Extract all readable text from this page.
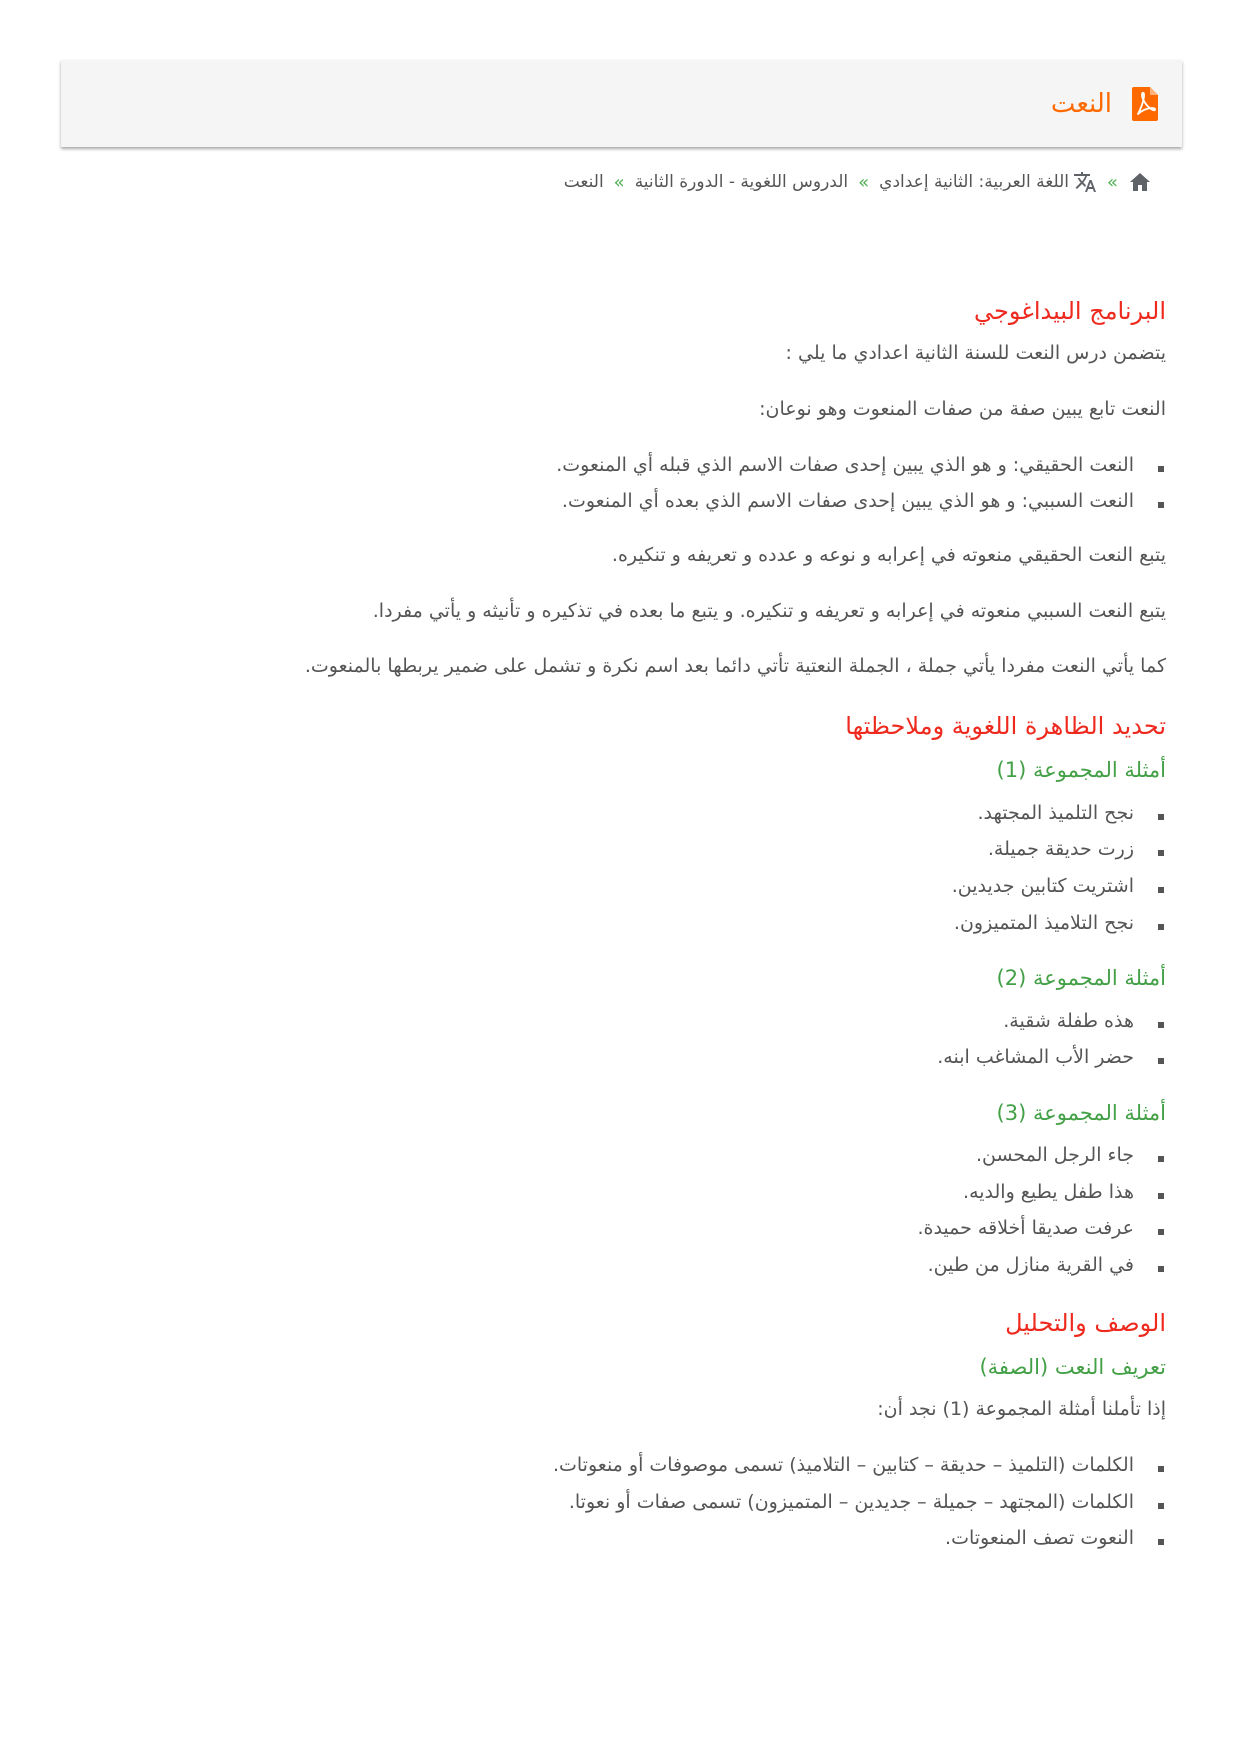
النعت
»
اللغة العربية: الثانية إعدادي
»
الدروس اللغوية - الدورة الثانية
»
النعت
البرنامج البيداغوجي

يتضمن درس النعت للسنة الثانية اعدادي ما يلي :

النعت تابع يبين صفة من صفات المنعوت وهو نوعان:

النعت الحقيقي: و هو الذي يبين إحدى صفات الاسم الذي قبله أي المنعوت.
النعت السببي: و هو الذي يبين إحدى صفات الاسم الذي بعده أي المنعوت.

يتبع النعت الحقيقي منعوته في إعرابه و نوعه و عدده و تعريفه و تنكيره.

يتبع النعت السببي منعوته في إعرابه و تعريفه و تنكيره. و يتبع ما بعده في تذكيره و تأنيثه و يأتي مفردا.

كما يأتي النعت مفردا يأتي جملة ، الجملة النعتية تأتي دائما بعد اسم نكرة و تشمل على ضمير يربطها بالمنعوت.

تحديد الظاهرة اللغوية وملاحظتها
أمثلة المجموعة (1)
نجح التلميذ المجتهد.
زرت حديقة جميلة.
اشتريت كتابين جديدين.
نجح التلاميذ المتميزون.
أمثلة المجموعة (2)
هذه طفلة شقية.
حضر الأب المشاغب ابنه.
أمثلة المجموعة (3)
جاء الرجل المحسن.
هذا طفل يطيع والديه.
عرفت صديقا أخلاقه حميدة.
في القرية منازل من طين.
الوصف والتحليل
تعريف النعت (الصفة)

إذا تأملنا أمثلة المجموعة (1) نجد أن:

الكلمات (التلميذ – حديقة – كتابين – التلاميذ) تسمى موصوفات أو منعوتات.
الكلمات (المجتهد – جميلة – جديدين – المتميزون) تسمى صفات أو نعوتا.
النعوت تصف المنعوتات.
